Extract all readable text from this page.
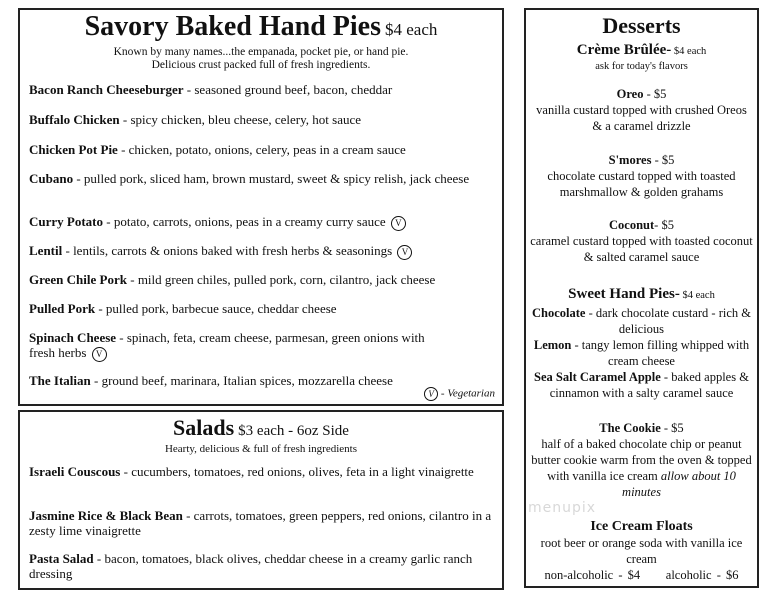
Savory Baked Hand Pies $4 each
Known by many names...the empanada, pocket pie, or hand pie.
Delicious crust packed full of fresh ingredients.
Bacon Ranch Cheeseburger - seasoned ground beef, bacon, cheddar
Buffalo Chicken - spicy chicken, bleu cheese, celery, hot sauce
Chicken Pot Pie - chicken, potato, onions, celery, peas in a cream sauce
Cubano - pulled pork, sliced ham, brown mustard, sweet & spicy relish, jack cheese
Curry Potato - potato, carrots, onions, peas in a creamy curry sauce V
Lentil - lentils, carrots & onions baked with fresh herbs & seasonings V
Green Chile Pork - mild green chiles, pulled pork, corn, cilantro, jack cheese
Pulled Pork - pulled pork, barbecue sauce, cheddar cheese
Spinach Cheese - spinach, feta, cream cheese, parmesan, green onions with fresh herbs V
The Italian - ground beef, marinara, Italian spices, mozzarella cheese
V - Vegetarian
Salads $3 each - 6oz Side
Hearty, delicious & full of fresh ingredients
Israeli Couscous - cucumbers, tomatoes, red onions, olives, feta in a light vinaigrette
Jasmine Rice & Black Bean - carrots, tomatoes, green peppers, red onions, cilantro in a zesty lime vinaigrette
Pasta Salad - bacon, tomatoes, black olives, cheddar cheese in a creamy garlic ranch dressing
Desserts
Crème Brûlée- $4 each
ask for today's flavors
Oreo - $5
vanilla custard topped with crushed Oreos & a caramel drizzle
S'mores - $5
chocolate custard topped with toasted marshmallow & golden grahams
Coconut- $5
caramel custard topped with toasted coconut & salted caramel sauce
Sweet Hand Pies- $4 each
Chocolate - dark chocolate custard - rich & delicious
Lemon - tangy lemon filling whipped with cream cheese
Sea Salt Caramel Apple - baked apples & cinnamon with a salty caramel sauce
The Cookie - $5
half of a baked chocolate chip or peanut butter cookie warm from the oven & topped with vanilla ice cream allow about 10 minutes
Ice Cream Floats
root beer or orange soda with vanilla ice cream
non-alcoholic - $4 alcoholic - $6
menupix
